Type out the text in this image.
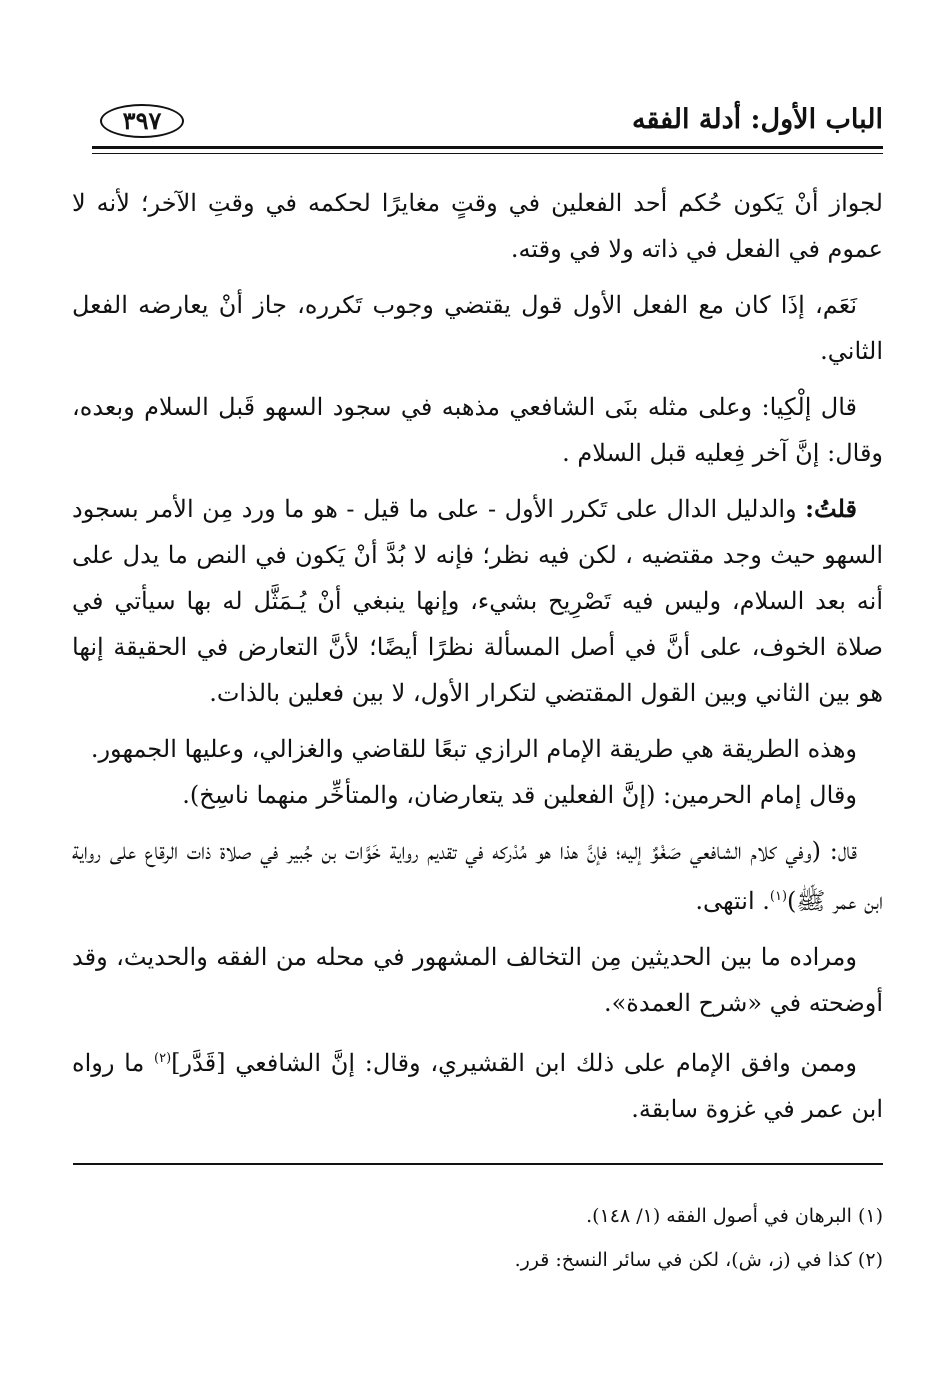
الباب الأول: أدلة الفقه
٣٩٧

لجواز أنْ يَكون حُكم أحد الفعلين في وقتٍ مغايرًا لحكمه في وقتِ الآخر؛ لأنه لا عموم في الفعل في ذاته ولا في وقته.

نَعَم، إذَا كان مع الفعل الأول قول يقتضي وجوب تَكرره، جاز أنْ يعارضه الفعل الثاني.

قال إلْكِيا: وعلى مثله بنَى الشافعي مذهبه في سجود السهو قَبل السلام وبعده، وقال: إنَّ آخر فِعليه قبل السلام .

قلتُ: والدليل الدال على تَكرر الأول - على ما قيل - هو ما ورد مِن الأمر بسجود السهو حيث وجد مقتضيه ، لكن فيه نظر؛ فإنه لا بُدَّ أنْ يَكون في النص ما يدل على أنه بعد السلام، وليس فيه تَصْرِيح بشيء، وإنها ينبغي أنْ يُـمَثَّل له بها سيأتي في صلاة الخوف، على أنَّ في أصل المسألة نظرًا أيضًا؛ لأنَّ التعارض في الحقيقة إنها هو بين الثاني وبين القول المقتضي لتكرار الأول، لا بين فعلين بالذات.

وهذه الطريقة هي طريقة الإمام الرازي تبعًا للقاضي والغزالي، وعليها الجمهور.

وقال إمام الحرمين: (إنَّ الفعلين قد يتعارضان، والمتأخِّر منهما ناسِخ).

قال: (وفي كلام الشافعي صَغْوٌ إليه؛ فإنَّ هذا هو مُدْركه في تقديم رواية خَوَّات بن جُبير في صلاة ذات الرقاع على رواية ابن عمر ﷺ)$^{(١)}$. انتهى.

ومراده ما بين الحديثين مِن التخالف المشهور في محله من الفقه والحديث، وقد أوضحته في «شرح العمدة».

وممن وافق الإمام على ذلك ابن القشيري، وقال: إنَّ الشافعي [قَدَّر]$^{(٢)}$ ما رواه ابن عمر في غزوة سابقة.

(١) البرهان في أصول الفقه (١/ ١٤٨).
(٢) كذا في (ز، ش)، لكن في سائر النسخ: قرر.
